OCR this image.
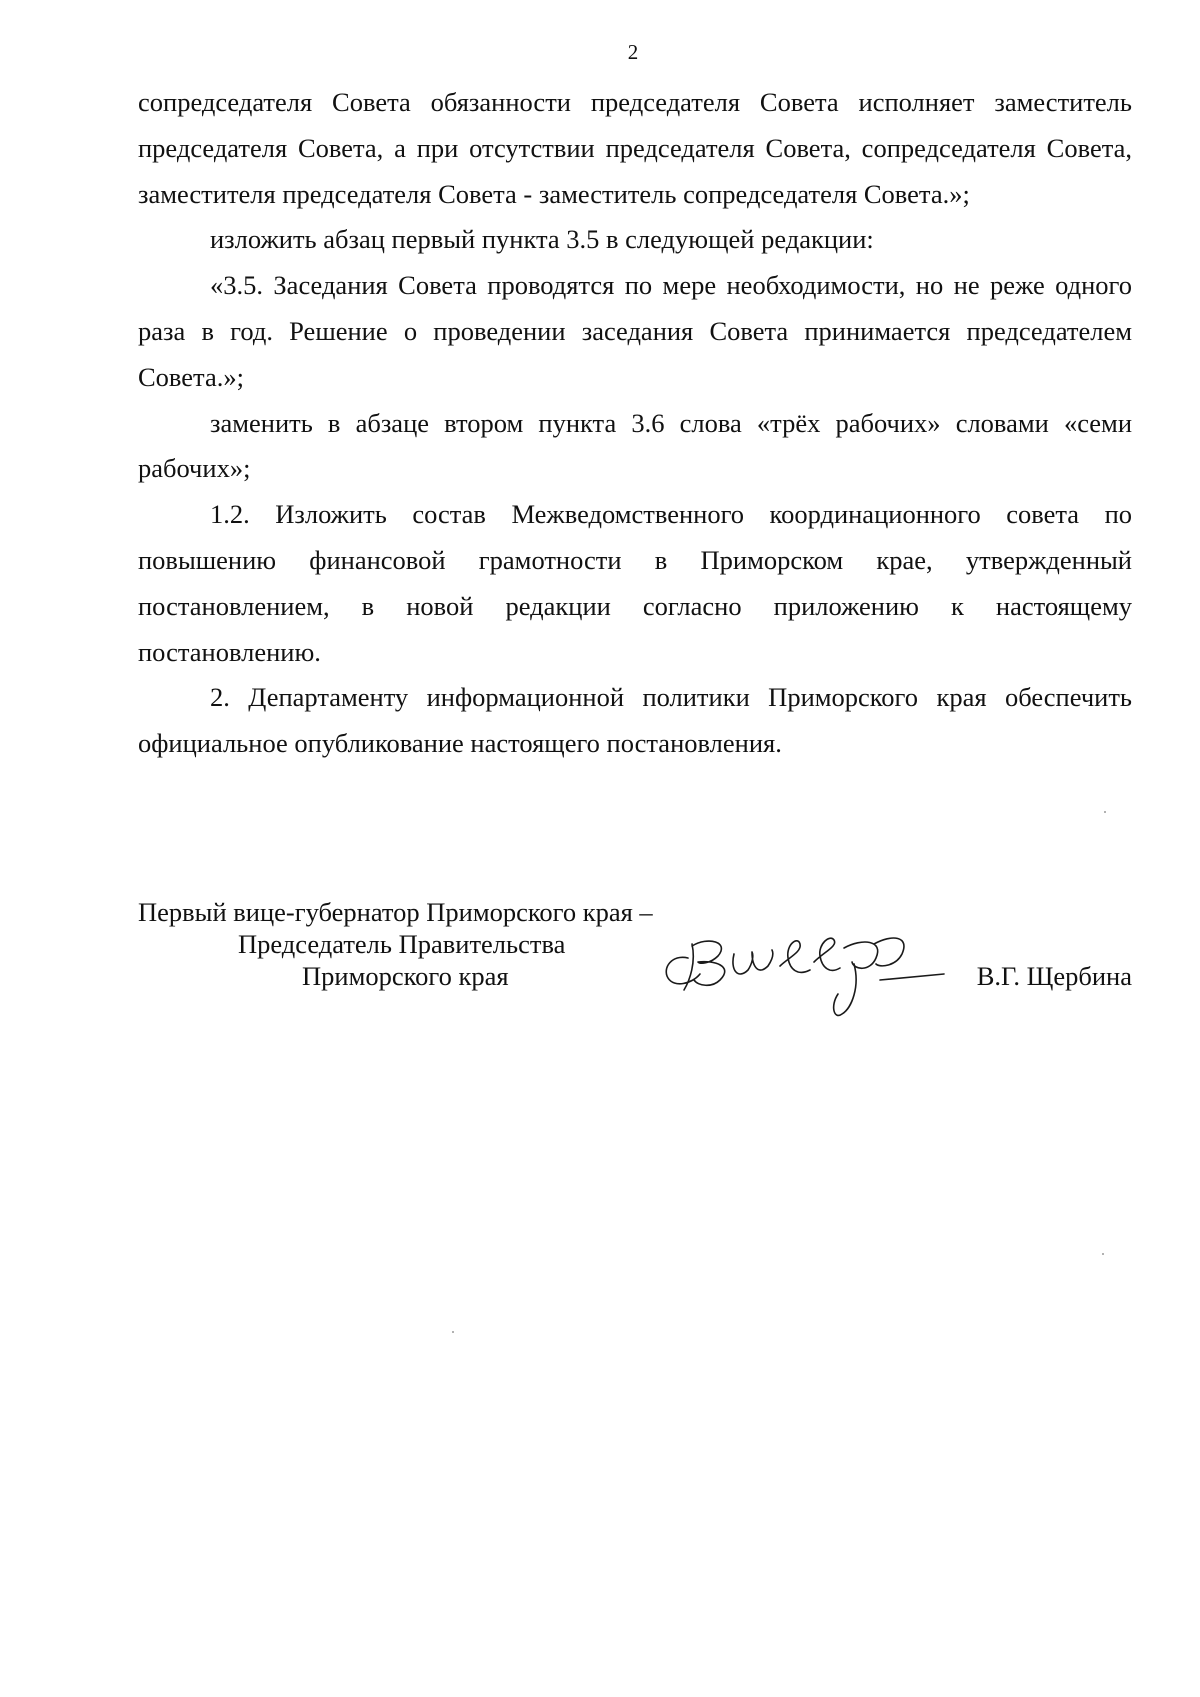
2

сопредседателя Совета обязанности председателя Совета исполняет заместитель председателя Совета, а при отсутствии председателя Совета, сопредседателя Совета, заместителя председателя Совета - заместитель сопредседателя Совета.»;

изложить абзац первый пункта 3.5 в следующей редакции:

«3.5. Заседания Совета проводятся по мере необходимости, но не реже одного раза в год. Решение о проведении заседания Совета принимается председателем Совета.»;

заменить в абзаце втором пункта 3.6 слова «трёх рабочих» словами «семи рабочих»;

1.2. Изложить состав Межведомственного координационного совета по повышению финансовой грамотности в Приморском крае, утвержденный постановлением, в новой редакции согласно приложению к настоящему постановлению.

2. Департаменту информационной политики Приморского края обеспечить официальное опубликование настоящего постановления.

Первый вице-губернатор Приморского края –
Председатель Правительства
Приморского края	В.Г. Щербина
